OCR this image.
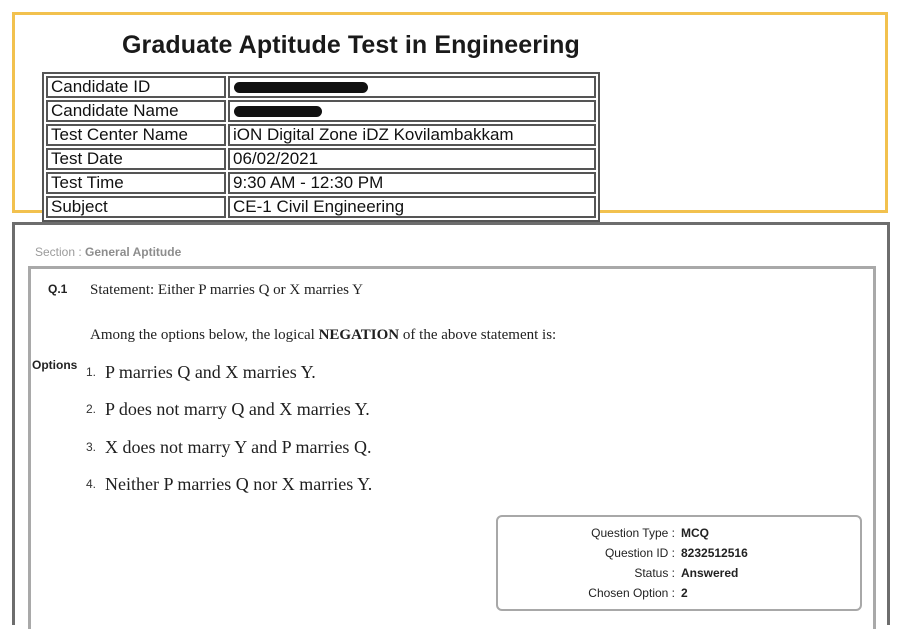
Graduate Aptitude Test in Engineering
Candidate ID	
Candidate Name	
Test Center Name	iON Digital Zone iDZ Kovilambakkam
Test Date	06/02/2021
Test Time	9:30 AM - 12:30 PM
Subject	CE-1 Civil Engineering
Section : General Aptitude
Q.1 Statement: Either P marries Q or X marries Y
Among the options below, the logical NEGATION of the above statement is:
Options 1. P marries Q and X marries Y.
2. P does not marry Q and X marries Y.
3. X does not marry Y and P marries Q.
4. Neither P marries Q nor X marries Y.
Question Type : MCQ
Question ID : 8232512516
Status : Answered
Chosen Option : 2
